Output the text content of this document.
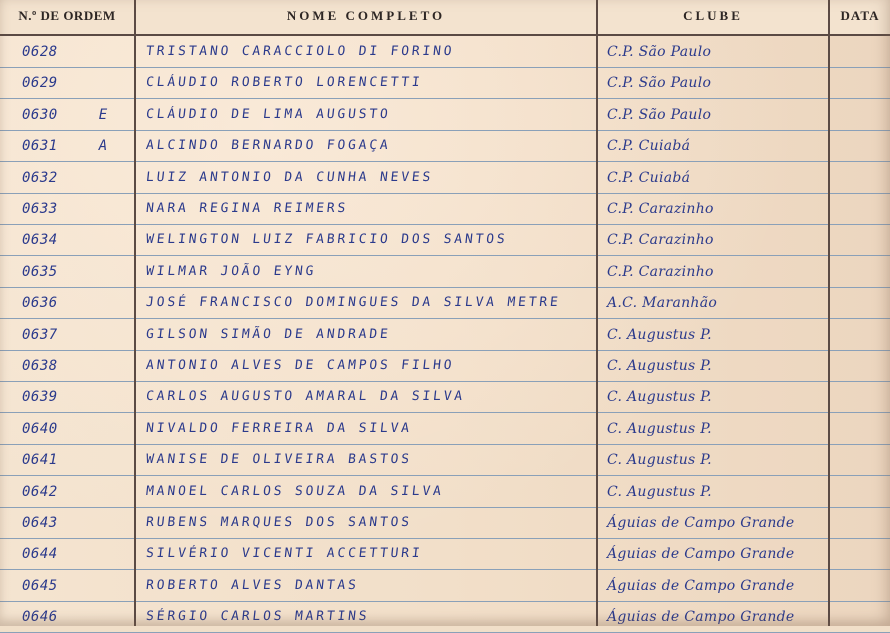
N.º DE ORDEM	NOME COMPLETO	CLUBE	DATA
0628	TRISTANO CARACCIOLO DI FORINO	C.P. São Paulo
0629	CLÁUDIO ROBERTO LORENCETTI	C.P. São Paulo
0630	E	CLÁUDIO DE LIMA AUGUSTO	C.P. São Paulo
0631	A	ALCINDO BERNARDO FOGAÇA	C.P. Cuiabá
0632	LUIZ ANTONIO DA CUNHA NEVES	C.P. Cuiabá
0633	NARA REGINA REIMERS	C.P. Carazinho
0634	WELINGTON LUIZ FABRICIO DOS SANTOS	C.P. Carazinho
0635	WILMAR JOÃO EYNG	C.P. Carazinho
0636	JOSÉ FRANCISCO DOMINGUES DA SILVA METRE	A.C. Maranhão
0637	GILSON SIMÃO DE ANDRADE	C. Augustus P.
0638	ANTONIO ALVES DE CAMPOS FILHO	C. Augustus P.
0639	CARLOS AUGUSTO AMARAL DA SILVA	C. Augustus P.
0640	NIVALDO FERREIRA DA SILVA	C. Augustus P.
0641	WANISE DE OLIVEIRA BASTOS	C. Augustus P.
0642	MANOEL CARLOS SOUZA DA SILVA	C. Augustus P.
0643	RUBENS MARQUES DOS SANTOS	Águias de Campo Grande
0644	SILVÉRIO VICENTI ACCETTURI	Águias de Campo Grande
0645	ROBERTO ALVES DANTAS	Águias de Campo Grande
0646	SÉRGIO CARLOS MARTINS	Águias de Campo Grande
